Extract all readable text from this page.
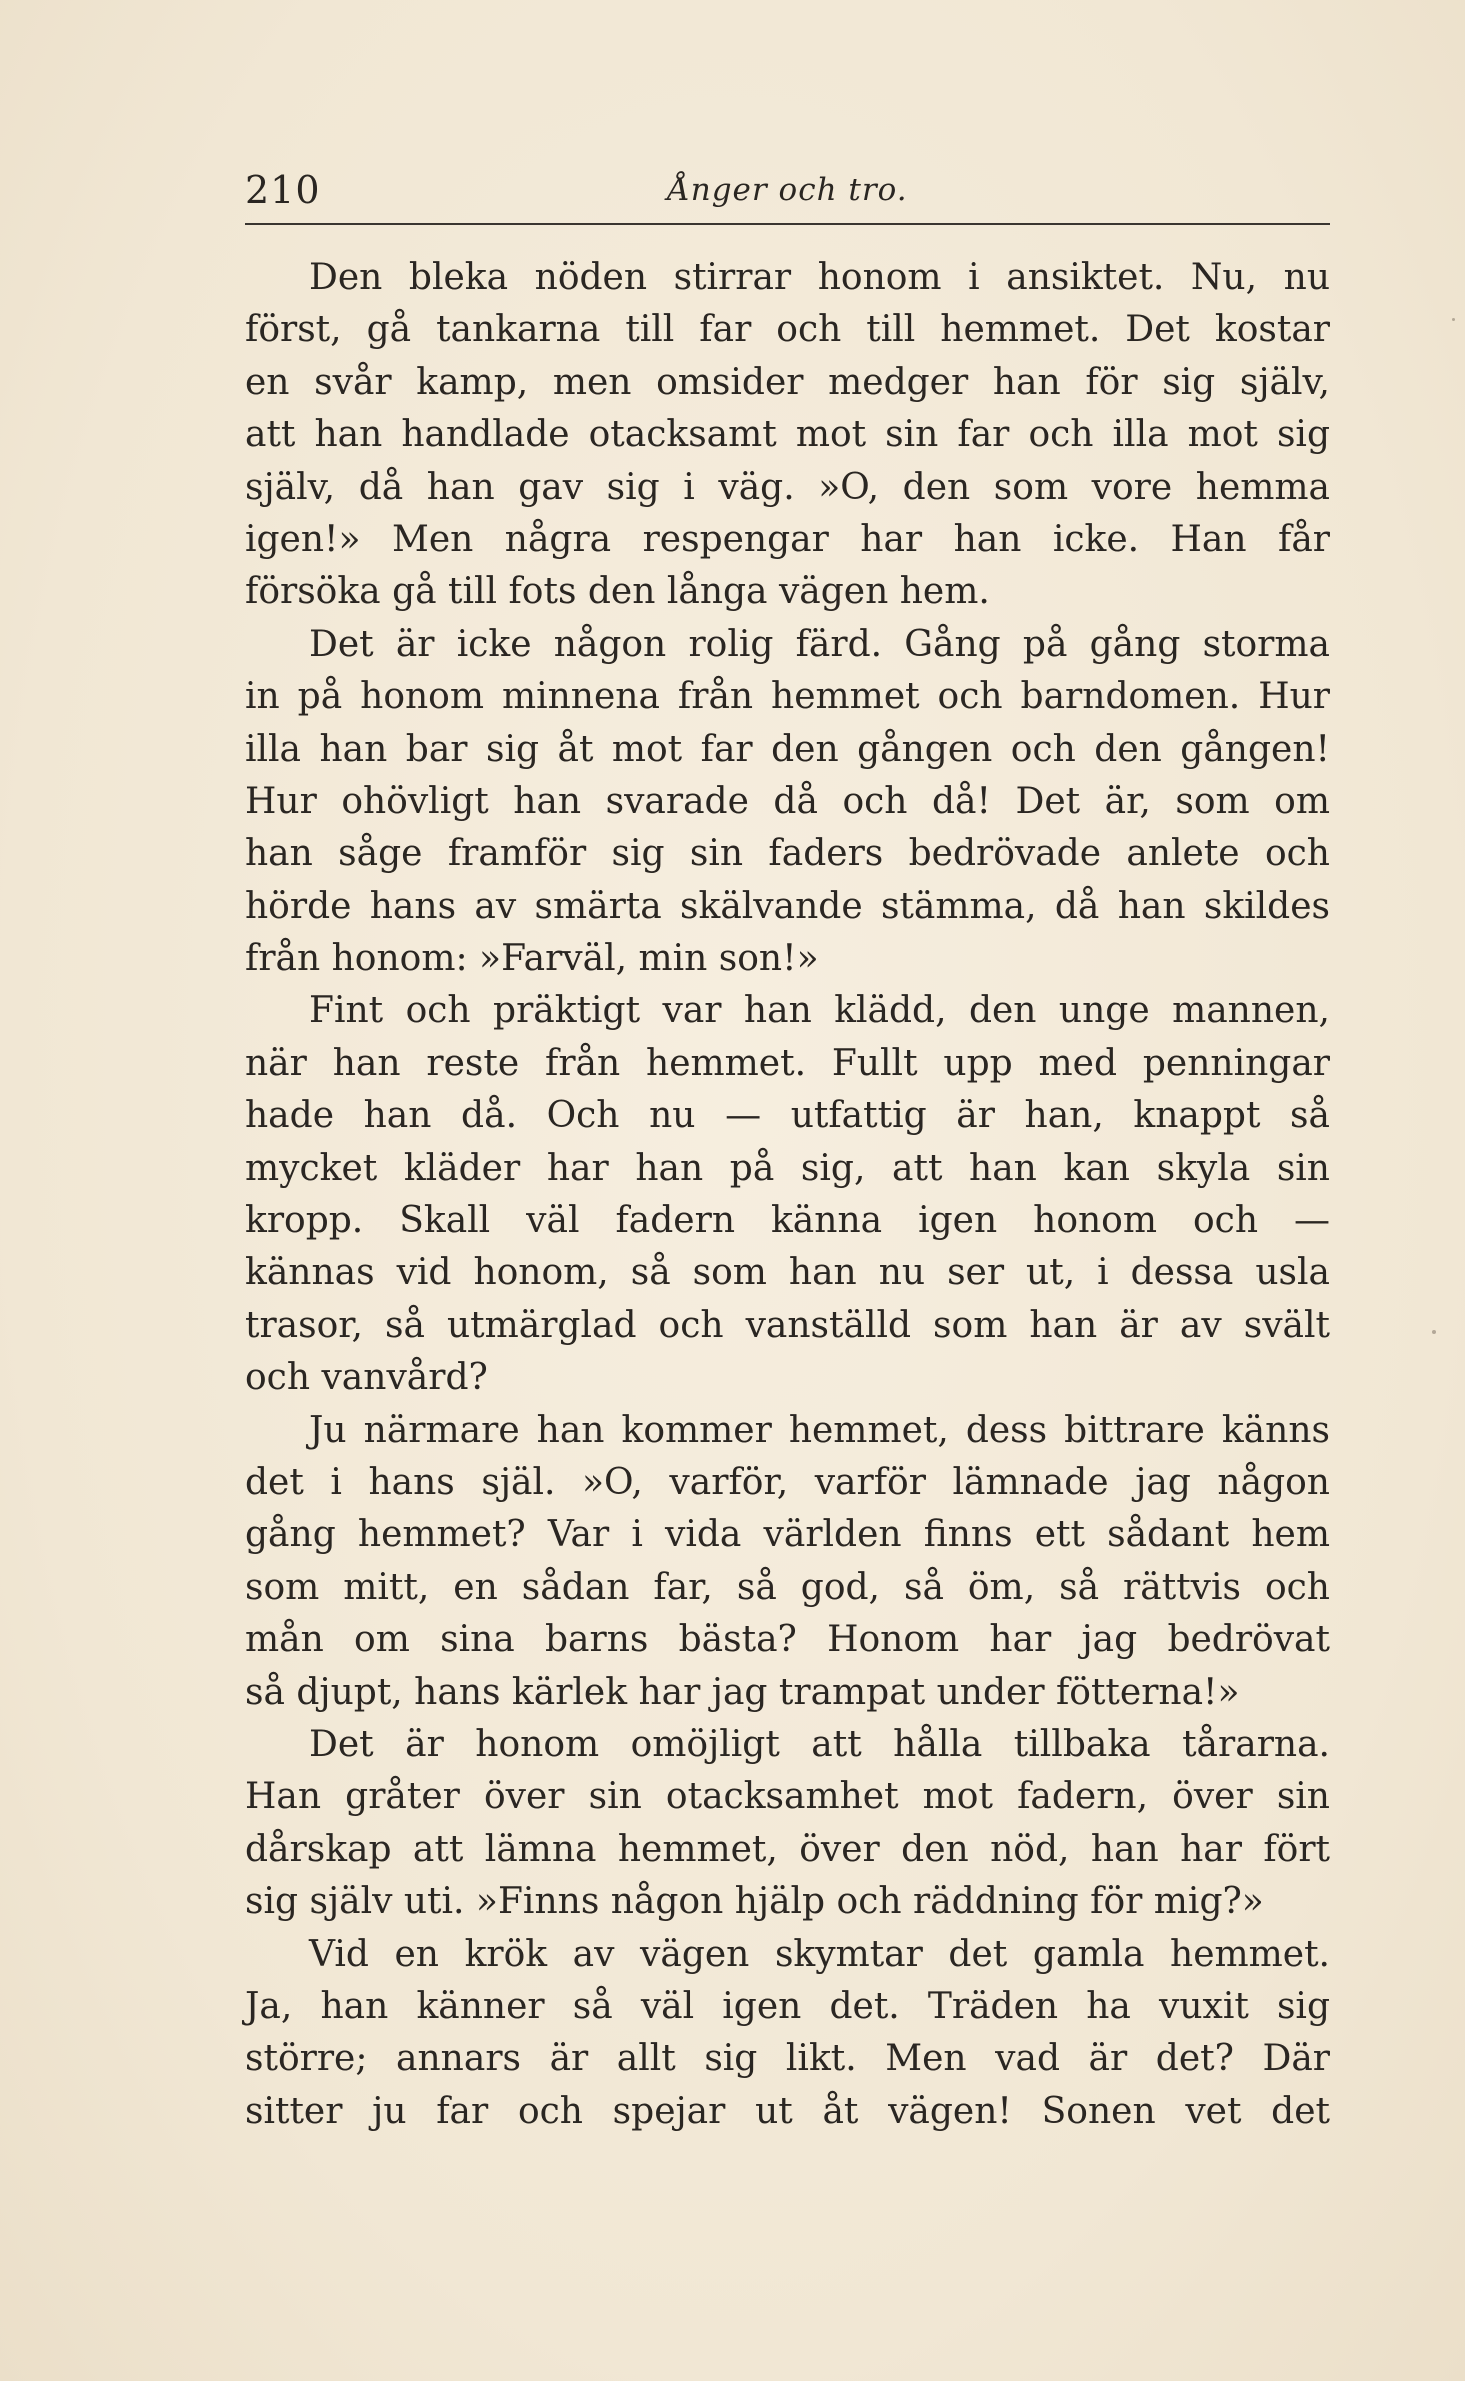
210	Ånger och tro.
Den bleka nöden stirrar honom i ansiktet. Nu, nu
först, gå tankarna till far och till hemmet. Det kostar
en svår kamp, men omsider medger han för sig själv,
att han handlade otacksamt mot sin far och illa mot sig
själv, då han gav sig i väg. »O, den som vore hemma
igen!» Men några respengar har han icke. Han får
försöka gå till fots den långa vägen hem.
Det är icke någon rolig färd. Gång på gång storma
in på honom minnena från hemmet och barndomen. Hur
illa han bar sig åt mot far den gången och den gången!
Hur ohövligt han svarade då och då! Det är, som om
han såge framför sig sin faders bedrövade anlete och
hörde hans av smärta skälvande stämma, då han skildes
från honom: »Farväl, min son!»
Fint och präktigt var han klädd, den unge mannen,
när han reste från hemmet. Fullt upp med penningar
hade han då. Och nu — utfattig är han, knappt så
mycket kläder har han på sig, att han kan skyla sin
kropp. Skall väl fadern känna igen honom och —
kännas vid honom, så som han nu ser ut, i dessa usla
trasor, så utmärglad och vanställd som han är av svält
och vanvård?
Ju närmare han kommer hemmet, dess bittrare känns
det i hans själ. »O, varför, varför lämnade jag någon
gång hemmet? Var i vida världen finns ett sådant hem
som mitt, en sådan far, så god, så öm, så rättvis och
mån om sina barns bästa? Honom har jag bedrövat
så djupt, hans kärlek har jag trampat under fötterna!»
Det är honom omöjligt att hålla tillbaka tårarna.
Han gråter över sin otacksamhet mot fadern, över sin
dårskap att lämna hemmet, över den nöd, han har fört
sig själv uti. »Finns någon hjälp och räddning för mig?»
Vid en krök av vägen skymtar det gamla hemmet.
Ja, han känner så väl igen det. Träden ha vuxit sig
större; annars är allt sig likt. Men vad är det? Där
sitter ju far och spejar ut åt vägen! Sonen vet det
